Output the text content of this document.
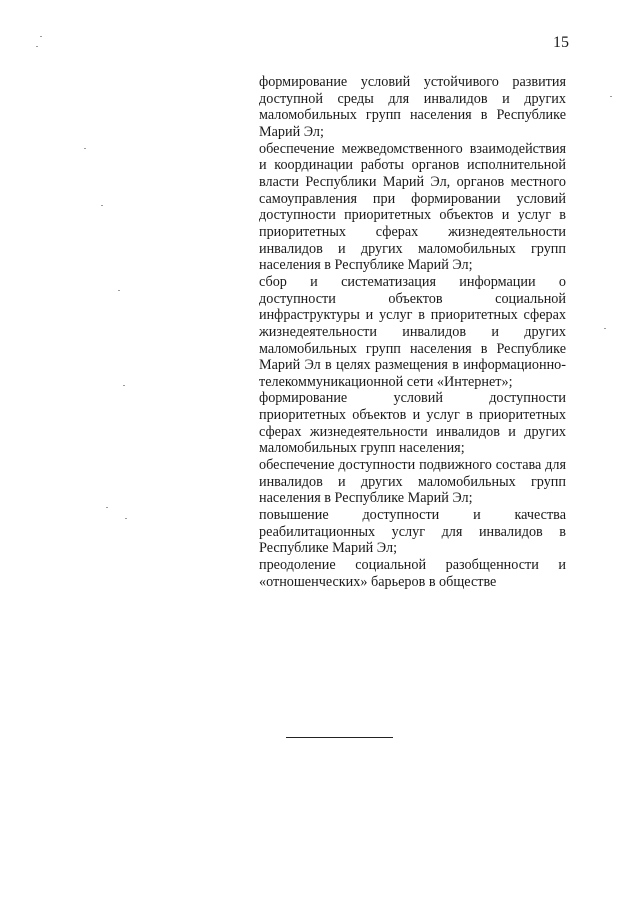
15

формирование условий устойчивого развития доступной среды для инвалидов и других маломобильных групп населения в Республике Марий Эл;

обеспечение межведомственного взаимодействия и координации работы органов исполнительной власти Республики Марий Эл, органов местного самоуправления при формировании условий доступности приоритетных объектов и услуг в приоритетных сферах жизнедеятельности инвалидов и других маломобильных групп населения в Республике Марий Эл;

сбор и систематизация информации о доступности объектов социальной инфраструктуры и услуг в приоритетных сферах жизнедеятельности инвалидов и других маломобильных групп населения в Республике Марий Эл в целях размещения в информационно-телекоммуникационной сети «Интернет»;

формирование условий доступности приоритетных объектов и услуг в приоритетных сферах жизнедеятельности инвалидов и других маломобильных групп населения;

обеспечение доступности подвижного состава для инвалидов и других маломобильных групп населения в Республике Марий Эл;

повышение доступности и качества реабилитационных услуг для инвалидов в Республике Марий Эл;

преодоление социальной разобщенности и «отношенческих» барьеров в обществе
